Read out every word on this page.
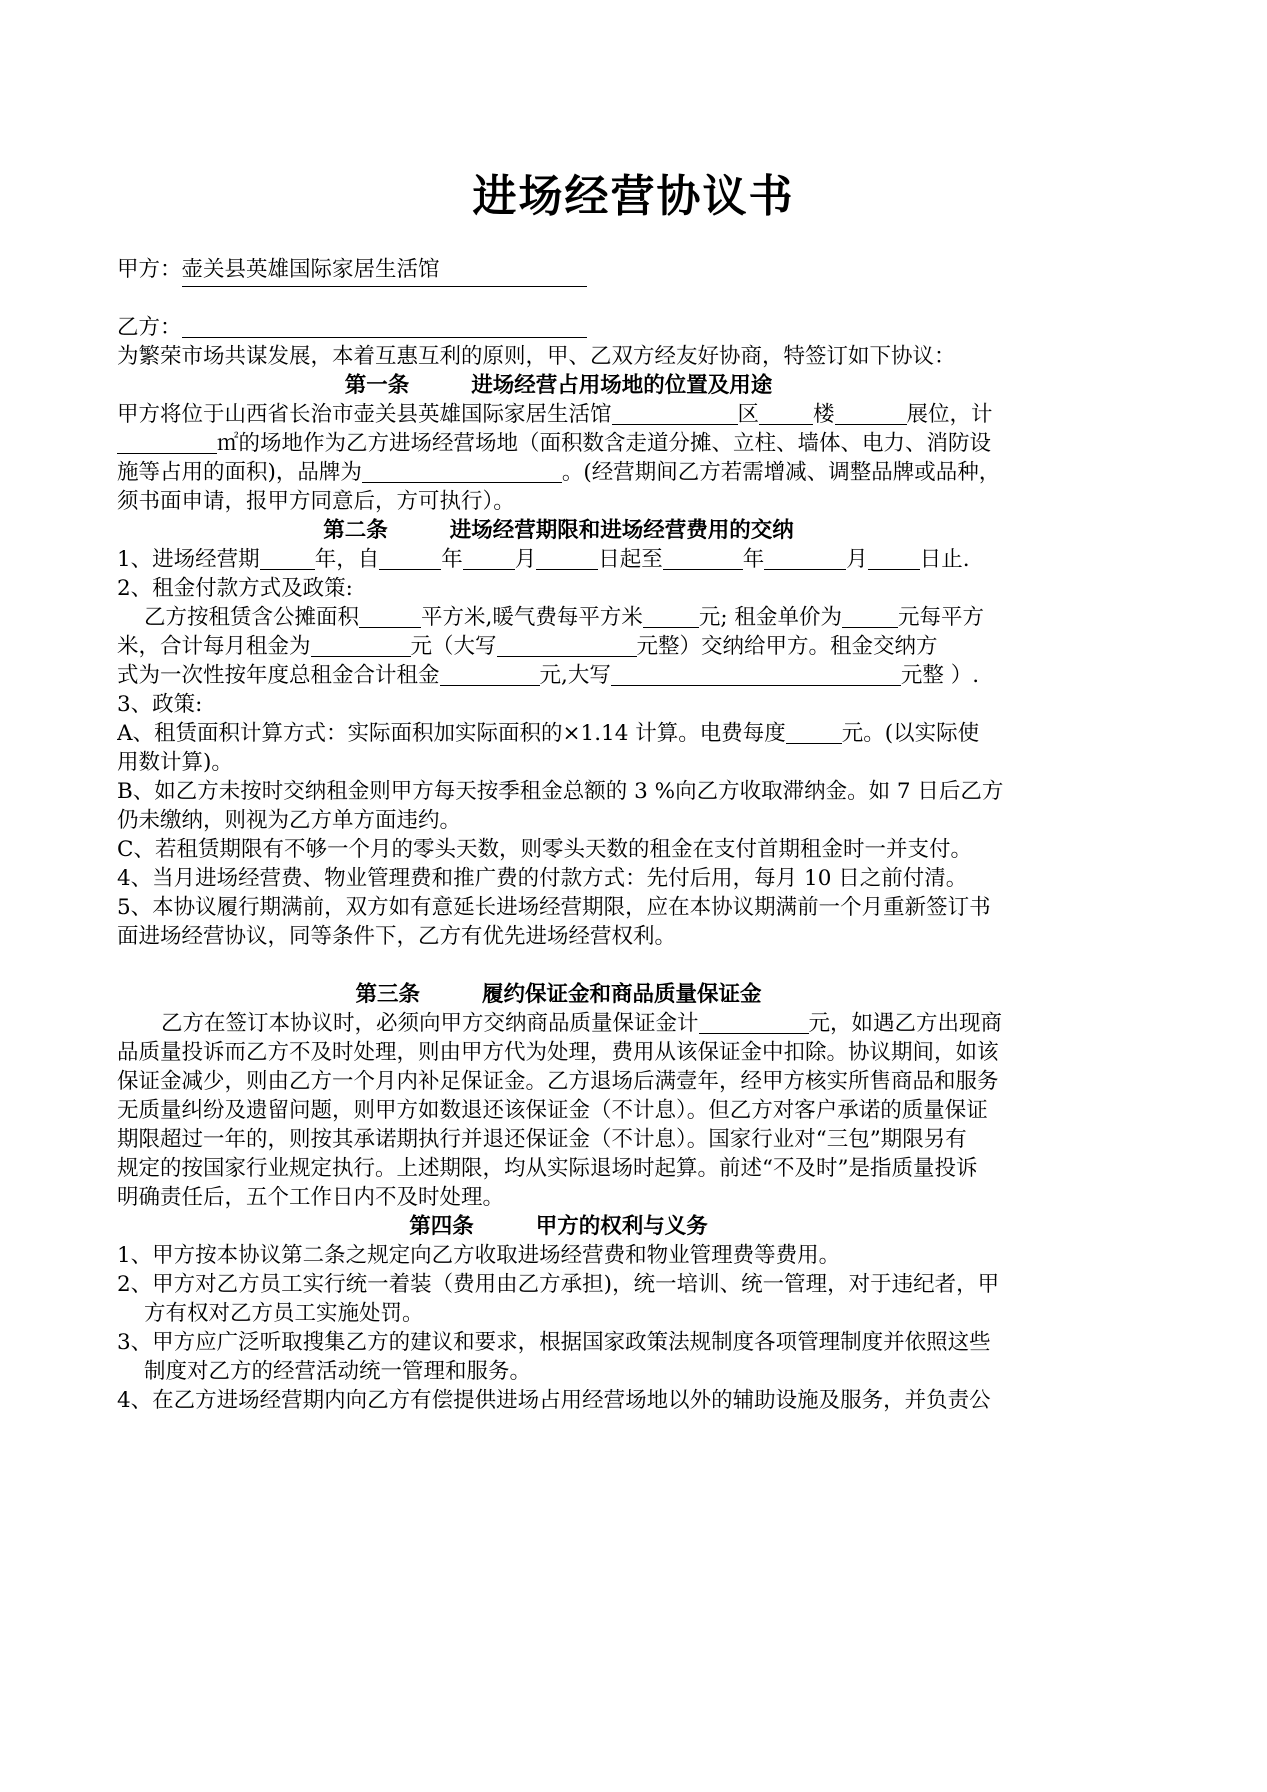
进场经营协议书
甲方：壶关县英雄国际家居生活馆
乙方：
为繁荣市场共谋发展，本着互惠互利的原则，甲、乙双方经友好协商，特签订如下协议：
第一条	进场经营占用场地的位置及用途
甲方将位于山西省长治市壶关县英雄国际家居生活馆	区	楼	展位，计
㎡的场地作为乙方进场经营场地（面积数含走道分摊、立柱、墙体、电力、消防设
施等占用的面积)，品牌为	。(经营期间乙方若需增减、调整品牌或品种，
须书面申请，报甲方同意后，方可执行）。
第二条	进场经营期限和进场经营费用的交纳
1、进场经营期	年，自	年 月	日起至	年	月 日止.
2、租金付款方式及政策:
乙方按租赁含公摊面积	平方米,暖气费每平方米	元; 租金单价为	元每平方
米，合计每月租金为	元（大写	元整）交纳给甲方。租金交纳方
式为一次性按年度总租金合计租金	元,大写	元整 ）.
3、政策:
A、租赁面积计算方式：实际面积加实际面积的×1.14 计算。电费每度	元。(以实际使
用数计算)。
B、如乙方未按时交纳租金则甲方每天按季租金总额的 3 %向乙方收取滞纳金。如 7 日后乙方
仍未缴纳，则视为乙方单方面违约。
C、若租赁期限有不够一个月的零头天数，则零头天数的租金在支付首期租金时一并支付。
4、当月进场经营费、物业管理费和推广费的付款方式：先付后用，每月 10 日之前付清。
5、本协议履行期满前，双方如有意延长进场经营期限，应在本协议期满前一个月重新签订书
面进场经营协议，同等条件下，乙方有优先进场经营权利。
第三条	履约保证金和商品质量保证金
乙方在签订本协议时，必须向甲方交纳商品质量保证金计	元，如遇乙方出现商
品质量投诉而乙方不及时处理，则由甲方代为处理，费用从该保证金中扣除。协议期间，如该
保证金减少，则由乙方一个月内补足保证金。乙方退场后满壹年，经甲方核实所售商品和服务
无质量纠纷及遗留问题，则甲方如数退还该保证金（不计息）。但乙方对客户承诺的质量保证
期限超过一年的，则按其承诺期执行并退还保证金（不计息）。国家行业对“三包”期限另有
规定的按国家行业规定执行。上述期限，均从实际退场时起算。前述“不及时”是指质量投诉
明确责任后，五个工作日内不及时处理。
第四条	甲方的权利与义务
1、甲方按本协议第二条之规定向乙方收取进场经营费和物业管理费等费用。
2、甲方对乙方员工实行统一着装（费用由乙方承担)，统一培训、统一管理，对于违纪者，甲
方有权对乙方员工实施处罚。
3、甲方应广泛听取搜集乙方的建议和要求，根据国家政策法规制度各项管理制度并依照这些
制度对乙方的经营活动统一管理和服务。
4、在乙方进场经营期内向乙方有偿提供进场占用经营场地以外的辅助设施及服务，并负责公
